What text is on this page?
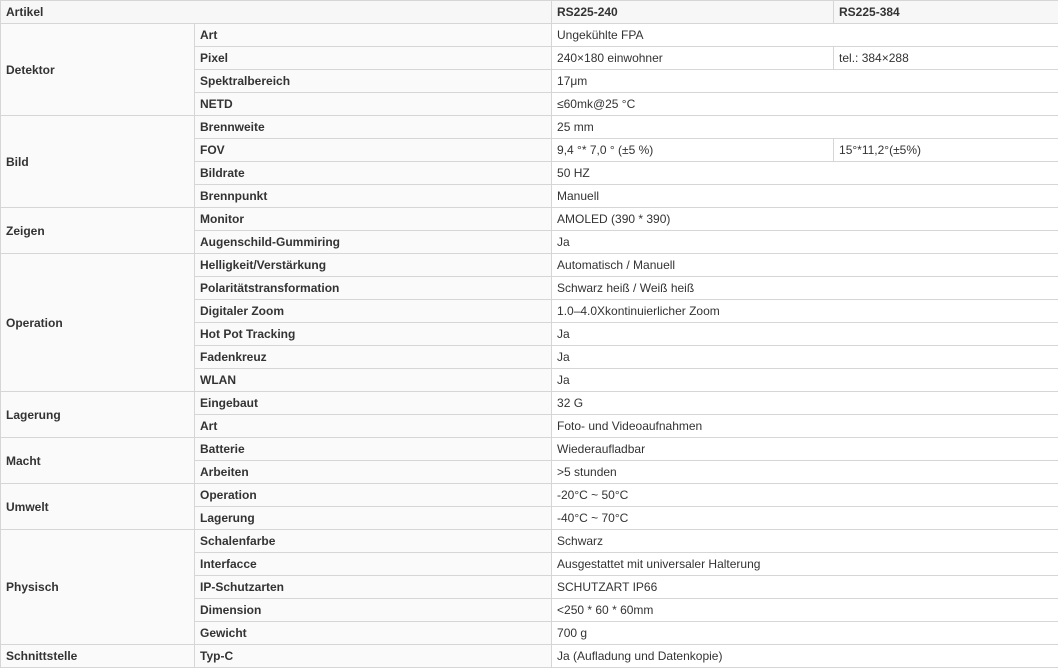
Artikel		RS225-240	RS225-384
Detektor	Art	Ungekühlte FPA	
	Pixel	240×180 einwohner	tel.: 384×288
	Spektralbereich	17μm	
	NETD	≤60mk@25 °C	
Bild	Brennweite	25 mm	
	FOV	9,4 °* 7,0 ° (±5 %)	15°*11,2°(±5%)
	Bildrate	50 HZ	
	Brennpunkt	Manuell	
Zeigen	Monitor	AMOLED (390 * 390)	
	Augenschild-Gummiring	Ja	
Operation	Helligkeit/Verstärkung	Automatisch / Manuell	
	Polaritätstransformation	Schwarz heiß / Weiß heiß	
	Digitaler Zoom	1.0–4.0Xkontinuierlicher Zoom	
	Hot Pot Tracking	Ja	
	Fadenkreuz	Ja	
	WLAN	Ja	
Lagerung	Eingebaut	32 G	
	Art	Foto- und Videoaufnahmen	
Macht	Batterie	Wiederaufladbar	
	Arbeiten	>5 stunden	
Umwelt	Operation	-20°C ~ 50°C	
	Lagerung	-40°C ~ 70°C	
Physisch	Schalenfarbe	Schwarz	
	Interfacce	Ausgestattet mit universaler Halterung	
	IP-Schutzarten	SCHUTZART IP66	
	Dimension	<250 * 60 * 60mm	
	Gewicht	700 g	
Schnittstelle	Typ-C	Ja (Aufladung und Datenkopie)	
